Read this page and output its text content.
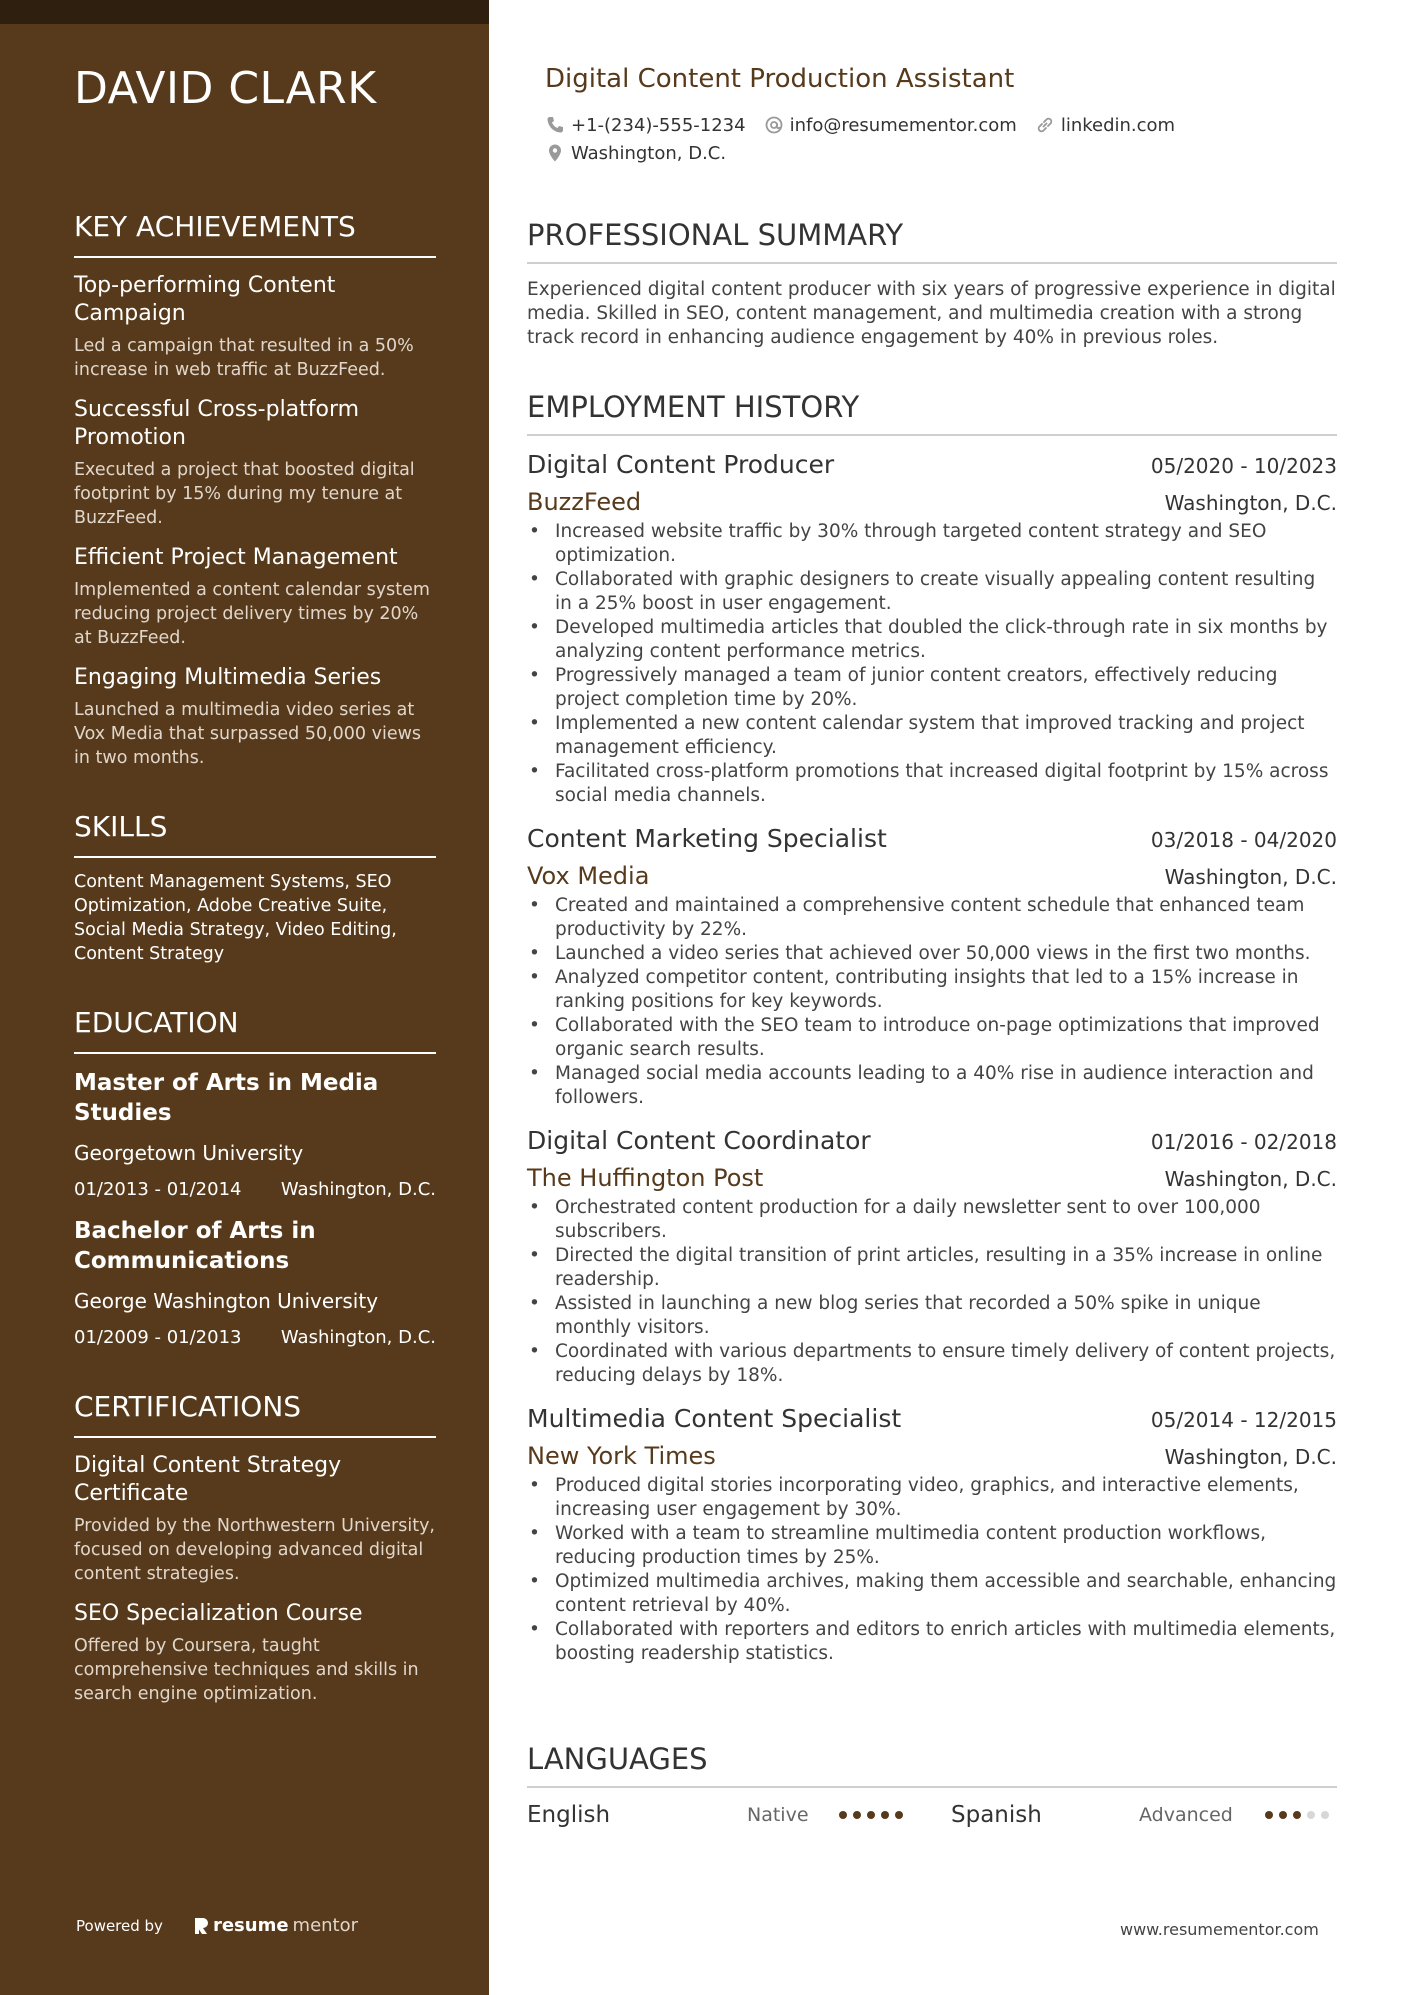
DAVID CLARK
KEY ACHIEVEMENTS
Top-performing Content Campaign
Led a campaign that resulted in a 50% increase in web traffic at BuzzFeed.
Successful Cross-platform Promotion
Executed a project that boosted digital footprint by 15% during my tenure at BuzzFeed.
Efficient Project Management
Implemented a content calendar system reducing project delivery times by 20% at BuzzFeed.
Engaging Multimedia Series
Launched a multimedia video series at Vox Media that surpassed 50,000 views in two months.
SKILLS
Content Management Systems, SEO Optimization, Adobe Creative Suite, Social Media Strategy, Video Editing, Content Strategy
EDUCATION
Master of Arts in Media Studies
Georgetown University
01/2013 - 01/2014 Washington, D.C.
Bachelor of Arts in Communications
George Washington University
01/2009 - 01/2013 Washington, D.C.
CERTIFICATIONS
Digital Content Strategy Certificate
Provided by the Northwestern University, focused on developing advanced digital content strategies.
SEO Specialization Course
Offered by Coursera, taught comprehensive techniques and skills in search engine optimization.
Powered by	resume mentor
Digital Content Production Assistant
+1-(234)-555-1234 info@resumementor.com linkedin.com
Washington, D.C.
PROFESSIONAL SUMMARY
Experienced digital content producer with six years of progressive experience in digital media. Skilled in SEO, content management, and multimedia creation with a strong track record in enhancing audience engagement by 40% in previous roles.
EMPLOYMENT HISTORY
Digital Content Producer	05/2020 - 10/2023
BuzzFeed	Washington, D.C.
• Increased website traffic by 30% through targeted content strategy and SEO optimization.
• Collaborated with graphic designers to create visually appealing content resulting in a 25% boost in user engagement.
• Developed multimedia articles that doubled the click-through rate in six months by analyzing content performance metrics.
• Progressively managed a team of junior content creators, effectively reducing project completion time by 20%.
• Implemented a new content calendar system that improved tracking and project management efficiency.
• Facilitated cross-platform promotions that increased digital footprint by 15% across social media channels.
Content Marketing Specialist	03/2018 - 04/2020
Vox Media	Washington, D.C.
• Created and maintained a comprehensive content schedule that enhanced team productivity by 22%.
• Launched a video series that achieved over 50,000 views in the first two months.
• Analyzed competitor content, contributing insights that led to a 15% increase in ranking positions for key keywords.
• Collaborated with the SEO team to introduce on-page optimizations that improved organic search results.
• Managed social media accounts leading to a 40% rise in audience interaction and followers.
Digital Content Coordinator	01/2016 - 02/2018
The Huffington Post	Washington, D.C.
• Orchestrated content production for a daily newsletter sent to over 100,000 subscribers.
• Directed the digital transition of print articles, resulting in a 35% increase in online readership.
• Assisted in launching a new blog series that recorded a 50% spike in unique monthly visitors.
• Coordinated with various departments to ensure timely delivery of content projects, reducing delays by 18%.
Multimedia Content Specialist	05/2014 - 12/2015
New York Times	Washington, D.C.
• Produced digital stories incorporating video, graphics, and interactive elements, increasing user engagement by 30%.
• Worked with a team to streamline multimedia content production workflows, reducing production times by 25%.
• Optimized multimedia archives, making them accessible and searchable, enhancing content retrieval by 40%.
• Collaborated with reporters and editors to enrich articles with multimedia elements, boosting readership statistics.
LANGUAGES
English	Native	Spanish	Advanced
www.resumementor.com
